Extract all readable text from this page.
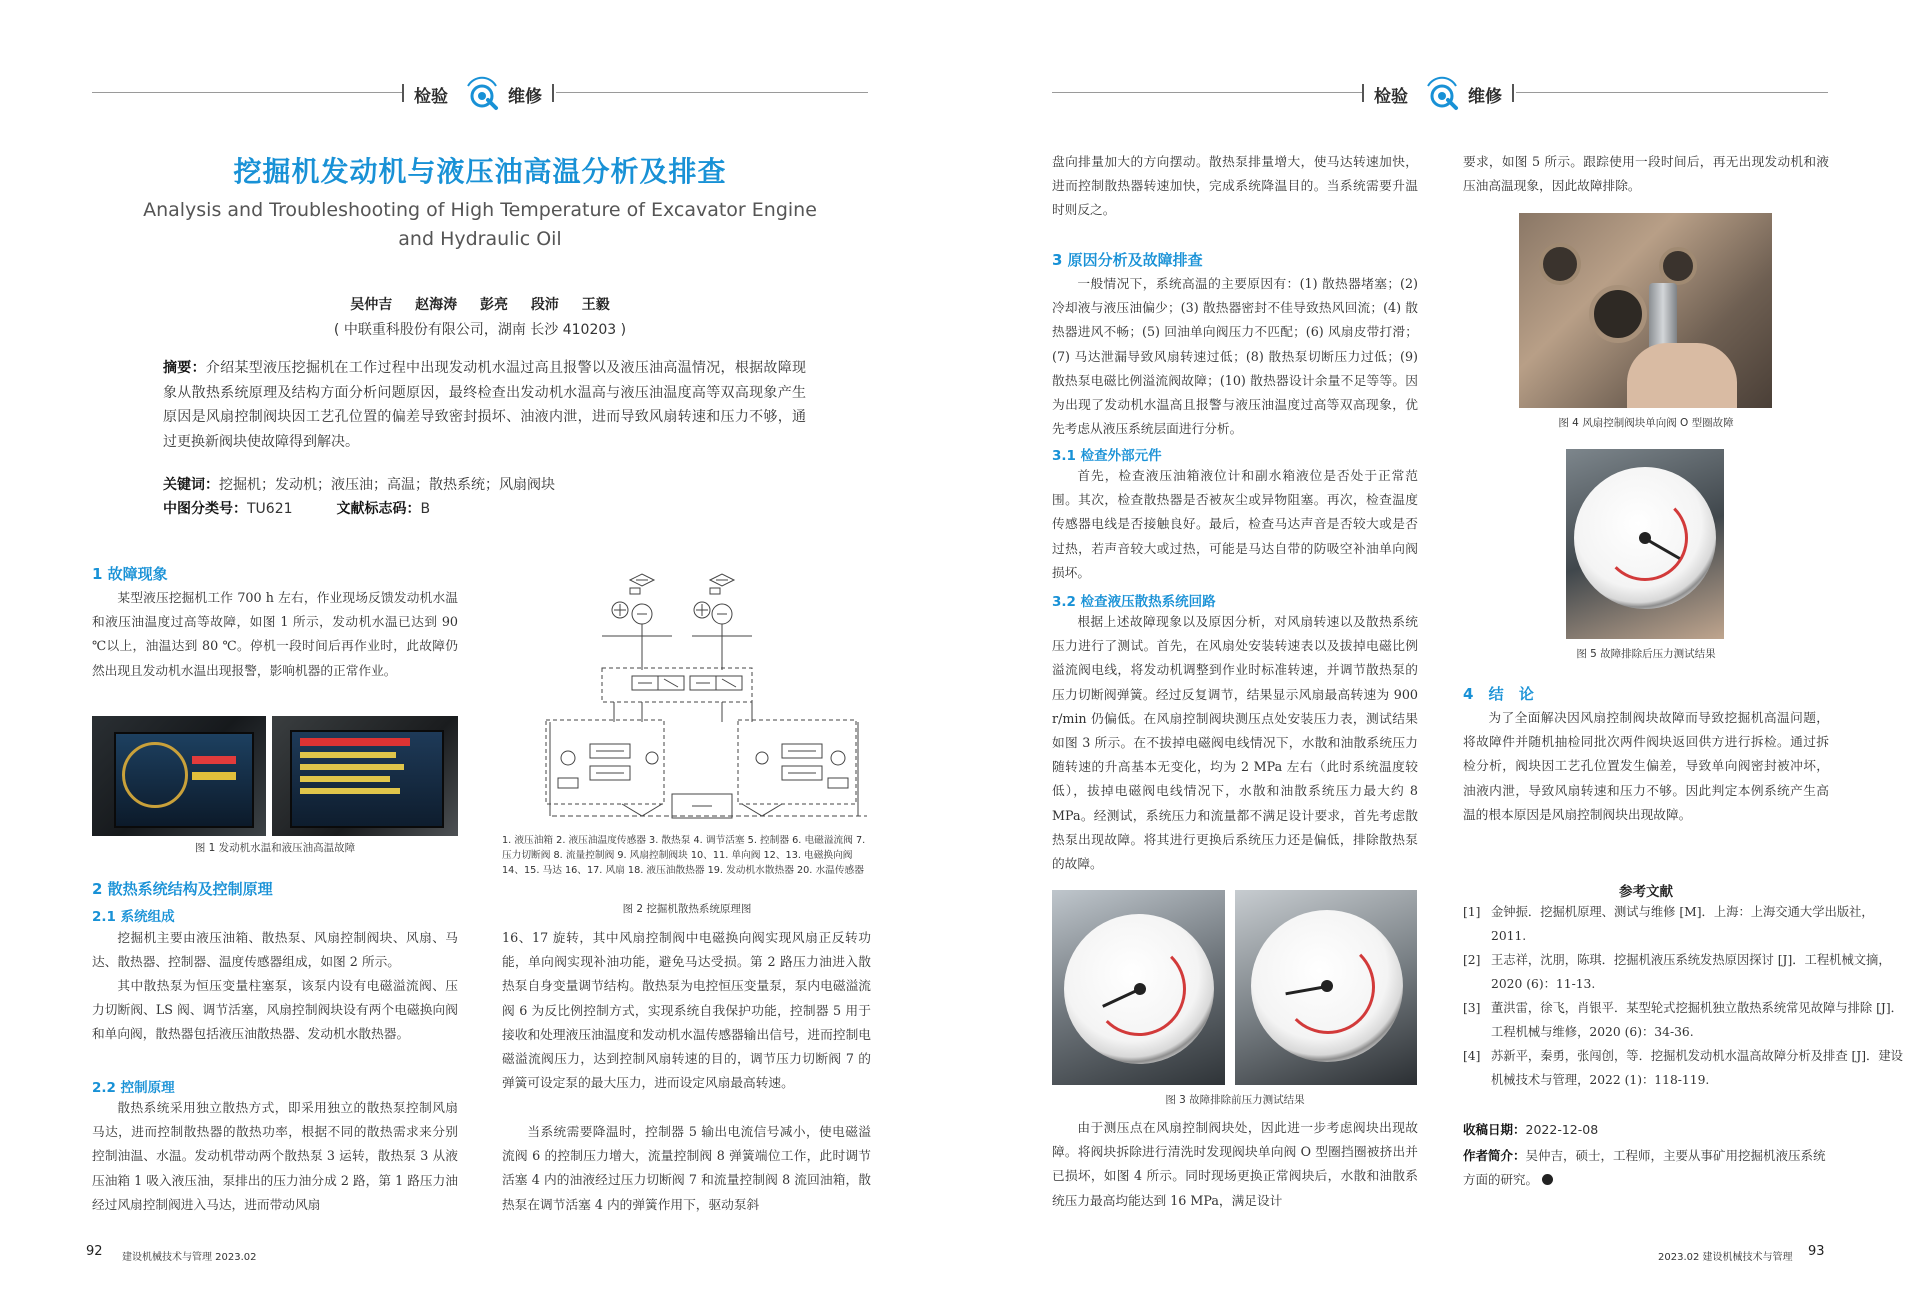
检验	维修	检验	维修
挖掘机发动机与液压油高温分析及排查
Analysis and Troubleshooting of High Temperature of Excavator Engine and Hydraulic Oil
吴仲吉 赵海涛 彭亮 段沛 王毅
( 中联重科股份有限公司，湖南 长沙 410203 )
摘要：介绍某型液压挖掘机在工作过程中出现发动机水温过高且报警以及液压油高温情况，根据故障现象从散热系统原理及结构方面分析问题原因，最终检查出发动机水温高与液压油温度高等双高现象产生原因是风扇控制阀块因工艺孔位置的偏差导致密封损坏、油液内泄，进而导致风扇转速和压力不够，通过更换新阀块使故障得到解决。
关键词：挖掘机；发动机；液压油；高温；散热系统；风扇阀块
中图分类号：TU621	文献标志码：B
1 故障现象

某型液压挖掘机工作 700 h 左右，作业现场反馈发动机水温和液压油温度过高等故障，如图 1 所示，发动机水温已达到 90 ℃以上，油温达到 80 ℃。停机一段时间后再作业时，此故障仍然出现且发动机水温出现报警，影响机器的正常作业。

图 1 发动机水温和液压油高温故障
2 散热系统结构及控制原理
2.1 系统组成

挖掘机主要由液压油箱、散热泵、风扇控制阀块、风扇、马达、散热器、控制器、温度传感器组成，如图 2 所示。

其中散热泵为恒压变量柱塞泵，该泵内设有电磁溢流阀、压力切断阀、LS 阀、调节活塞，风扇控制阀块设有两个电磁换向阀和单向阀，散热器包括液压油散热器、发动机水散热器。

2.2 控制原理

散热系统采用独立散热方式，即采用独立的散热泵控制风扇马达，进而控制散热器的散热功率，根据不同的散热需求来分别控制油温、水温。发动机带动两个散热泵 3 运转，散热泵 3 从液压油箱 1 吸入液压油，泵排出的压力油分成 2 路，第 1 路压力油经过风扇控制阀进入马达，进而带动风扇

1. 液压油箱 2. 液压油温度传感器 3. 散热泵 4. 调节活塞 5. 控制器 6. 电磁溢流阀 7. 压力切断阀 8. 流量控制阀 9. 风扇控制阀块 10、11. 单向阀 12、13. 电磁换向阀 14、15. 马达 16、17. 风扇 18. 液压油散热器 19. 发动机水散热器 20. 水温传感器
图 2 挖掘机散热系统原理图

16、17 旋转，其中风扇控制阀中电磁换向阀实现风扇正反转功能，单向阀实现补油功能，避免马达受损。第 2 路压力油进入散热泵自身变量调节结构。散热泵为电控恒压变量泵，泵内电磁溢流阀 6 为反比例控制方式，实现系统自我保护功能，控制器 5 用于接收和处理液压油温度和发动机水温传感器输出信号，进而控制电磁溢流阀压力，达到控制风扇转速的目的，调节压力切断阀 7 的弹簧可设定泵的最大压力，进而设定风扇最高转速。

当系统需要降温时，控制器 5 输出电流信号减小，使电磁溢流阀 6 的控制压力增大，流量控制阀 8 弹簧端位工作，此时调节活塞 4 内的油液经过压力切断阀 7 和流量控制阀 8 流回油箱，散热泵在调节活塞 4 内的弹簧作用下，驱动泵斜

92 建设机械技术与管理 2023.02

盘向排量加大的方向摆动。散热泵排量增大，使马达转速加快，进而控制散热器转速加快，完成系统降温目的。当系统需要升温时则反之。

3 原因分析及故障排查

一般情况下，系统高温的主要原因有：(1) 散热器堵塞；(2) 冷却液与液压油偏少；(3) 散热器密封不佳导致热风回流；(4) 散热器进风不畅；(5) 回油单向阀压力不匹配；(6) 风扇皮带打滑；(7) 马达泄漏导致风扇转速过低；(8) 散热泵切断压力过低；(9) 散热泵电磁比例溢流阀故障；(10) 散热器设计余量不足等等。因为出现了发动机水温高且报警与液压油温度过高等双高现象，优先考虑从液压系统层面进行分析。

3.1 检查外部元件

首先，检查液压油箱液位计和副水箱液位是否处于正常范围。其次，检查散热器是否被灰尘或异物阻塞。再次，检查温度传感器电线是否接触良好。最后，检查马达声音是否较大或是否过热，若声音较大或过热，可能是马达自带的防吸空补油单向阀损坏。

3.2 检查液压散热系统回路

根据上述故障现象以及原因分析，对风扇转速以及散热系统压力进行了测试。首先，在风扇处安装转速表以及拔掉电磁比例溢流阀电线，将发动机调整到作业时标准转速，并调节散热泵的压力切断阀弹簧。经过反复调节，结果显示风扇最高转速为 900 r/min 仍偏低。在风扇控制阀块测压点处安装压力表，测试结果如图 3 所示。在不拔掉电磁阀电线情况下，水散和油散系统压力随转速的升高基本无变化，均为 2 MPa 左右（此时系统温度较低），拔掉电磁阀电线情况下，水散和油散系统压力最大约 8 MPa。经测试，系统压力和流量都不满足设计要求，首先考虑散热泵出现故障。将其进行更换后系统压力还是偏低，排除散热泵的故障。

图 3 故障排除前压力测试结果

由于测压点在风扇控制阀块处，因此进一步考虑阀块出现故障。将阀块拆除进行清洗时发现阀块单向阀 O 型圈挡圈被挤出并已损坏，如图 4 所示。同时现场更换正常阀块后，水散和油散系统压力最高均能达到 16 MPa，满足设计

要求，如图 5 所示。跟踪使用一段时间后，再无出现发动机和液压油高温现象，因此故障排除。

图 4 风扇控制阀块单向阀 O 型圈故障
图 5 故障排除后压力测试结果
4 结 论

为了全面解决因风扇控制阀块故障而导致挖掘机高温问题，将故障件并随机抽检同批次两件阀块返回供方进行拆检。通过拆检分析，阀块因工艺孔位置发生偏差，导致单向阀密封被冲坏，油液内泄，导致风扇转速和压力不够。因此判定本例系统产生高温的根本原因是风扇控制阀块出现故障。

参考文献
[1] 金钟振．挖掘机原理、测试与维修 [M]．上海：上海交通大学出版社，2011.
[2] 王志祥，沈朋，陈琪．挖掘机液压系统发热原因探讨 [J]．工程机械文摘，2020 (6)：11-13.
[3] 董洪雷，徐飞，肖银平．某型轮式挖掘机独立散热系统常见故障与排除 [J]．工程机械与维修，2020 (6)：34-36.
[4] 苏新平，秦勇，张闯创，等．挖掘机发动机水温高故障分析及排查 [J]．建设机械技术与管理，2022 (1)：118-119.
收稿日期：2022-12-08
作者简介：吴仲吉，硕士，工程师，主要从事矿用挖掘机液压系统方面的研究。
2023.02 建设机械技术与管理 93
